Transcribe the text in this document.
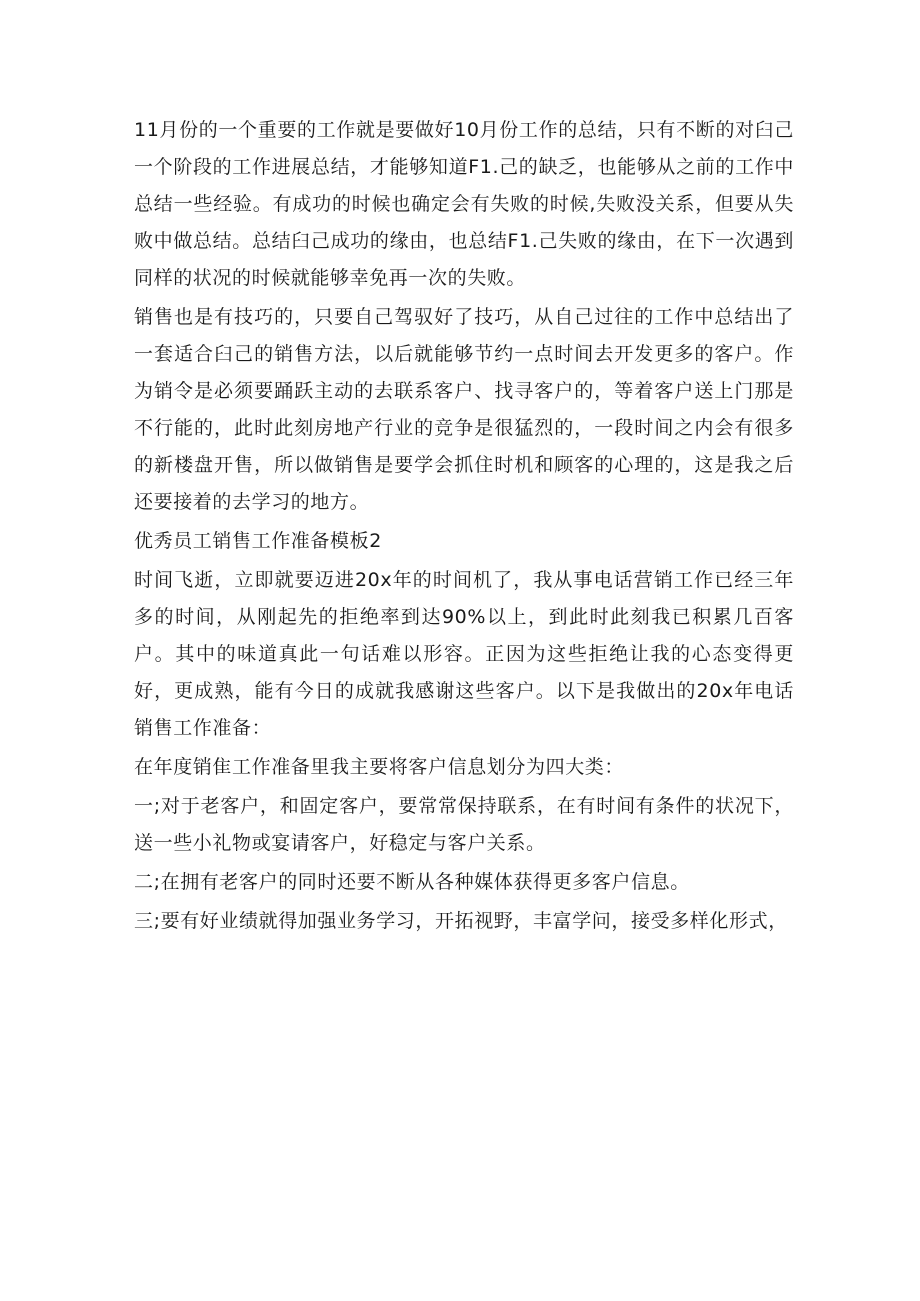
11月份的一个重要的工作就是要做好10月份工作的总结，只有不断的对臼己一个阶段的工作进展总结，才能够知道F1.己的缺乏，也能够从之前的工作中总结一些经验。有成功的时候也确定会有失败的时候,失败没关系，但要从失败中做总结。总结臼己成功的缘由，也总结F1.己失败的缘由，在下一次遇到同样的状况的时候就能够幸免再一次的失败。

销售也是有技巧的，只要自己驾驭好了技巧，从自己过往的工作中总结出了一套适合臼己的销售方法，以后就能够节约一点时间去开发更多的客户。作为销令是必须要踊跃主动的去联系客户、找寻客户的，等着客户送上门那是不行能的，此时此刻房地产行业的竞争是很猛烈的，一段时间之内会有很多的新楼盘开售，所以做销售是要学会抓住时机和顾客的心理的，这是我之后还要接着的去学习的地方。

优秀员工销售工作准备模板2

时间飞逝，立即就要迈进20x年的时间机了，我从事电话营销工作已经三年多的时间，从刚起先的拒绝率到达90%以上，到此时此刻我已积累几百客户。其中的味道真此一句话难以形容。正因为这些拒绝让我的心态变得更好，更成熟，能有今日的成就我感谢这些客户。以下是我做出的20x年电话销售工作准备：

在年度销隹工作准备里我主要将客户信息划分为四大类：

一;对于老客户，和固定客户，要常常保持联系，在有时间有条件的状况下，送一些小礼物或宴请客户，好稳定与客户关系。

二;在拥有老客户的同时还要不断从各种媒体获得更多客户信息。

三;要有好业绩就得加强业务学习，开拓视野，丰富学问，接受多样化形式，
